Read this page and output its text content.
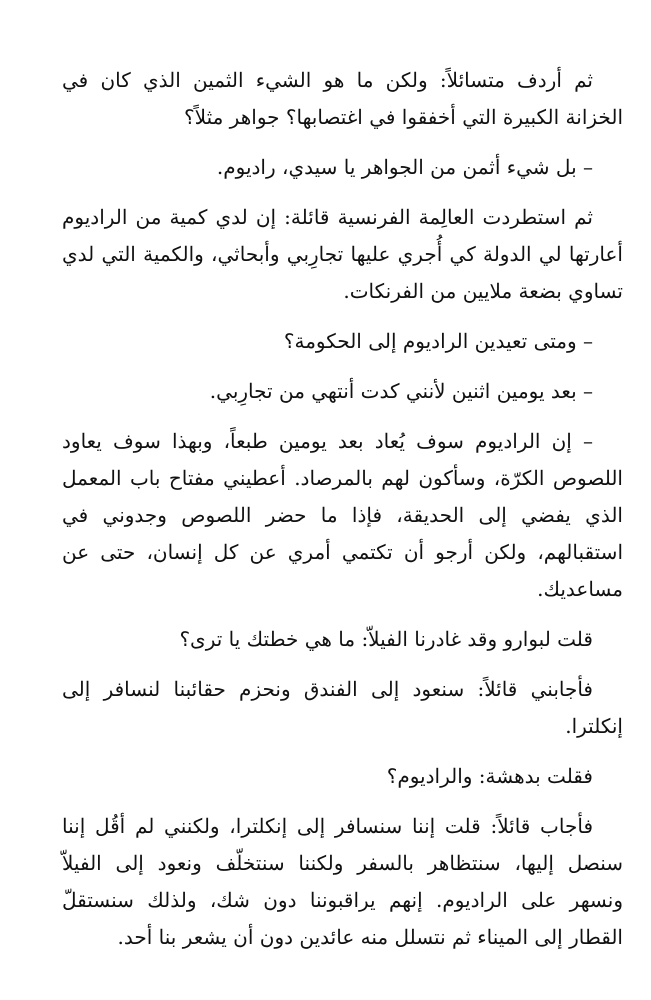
ثم أردف متسائلاً: ولكن ما هو الشيء الثمين الذي كان في الخزانة الكبيرة التي أخفقوا في اغتصابها؟ جواهر مثلاً؟

– بل شيء أثمن من الجواهر يا سيدي، راديوم.

ثم استطردت العالِمة الفرنسية قائلة: إن لدي كمية من الراديوم أعارتها لي الدولة كي أُجري عليها تجارِبي وأبحاثي، والكمية التي لدي تساوي بضعة ملايين من الفرنكات.

– ومتى تعيدين الراديوم إلى الحكومة؟

– بعد يومين اثنين لأنني كدت أنتهي من تجارِبي.

– إن الراديوم سوف يُعاد بعد يومين طبعاً، وبهذا سوف يعاود اللصوص الكرّة، وسأكون لهم بالمرصاد. أعطيني مفتاح باب المعمل الذي يفضي إلى الحديقة، فإذا ما حضر اللصوص وجدوني في استقبالهم، ولكن أرجو أن تكتمي أمري عن كل إنسان، حتى عن مساعديك.

قلت لبوارو وقد غادرنا الفيلاّ: ما هي خطتك يا ترى؟

فأجابني قائلاً: سنعود إلى الفندق ونحزم حقائبنا لنسافر إلى إنكلترا.

فقلت بدهشة: والراديوم؟

فأجاب قائلاً: قلت إننا سنسافر إلى إنكلترا، ولكنني لم أقُل إننا سنصل إليها، سنتظاهر بالسفر ولكننا سنتخلّف ونعود إلى الفيلاّ ونسهر على الراديوم. إنهم يراقبوننا دون شك، ولذلك سنستقلّ القطار إلى الميناء ثم نتسلل منه عائدين دون أن يشعر بنا أحد.
